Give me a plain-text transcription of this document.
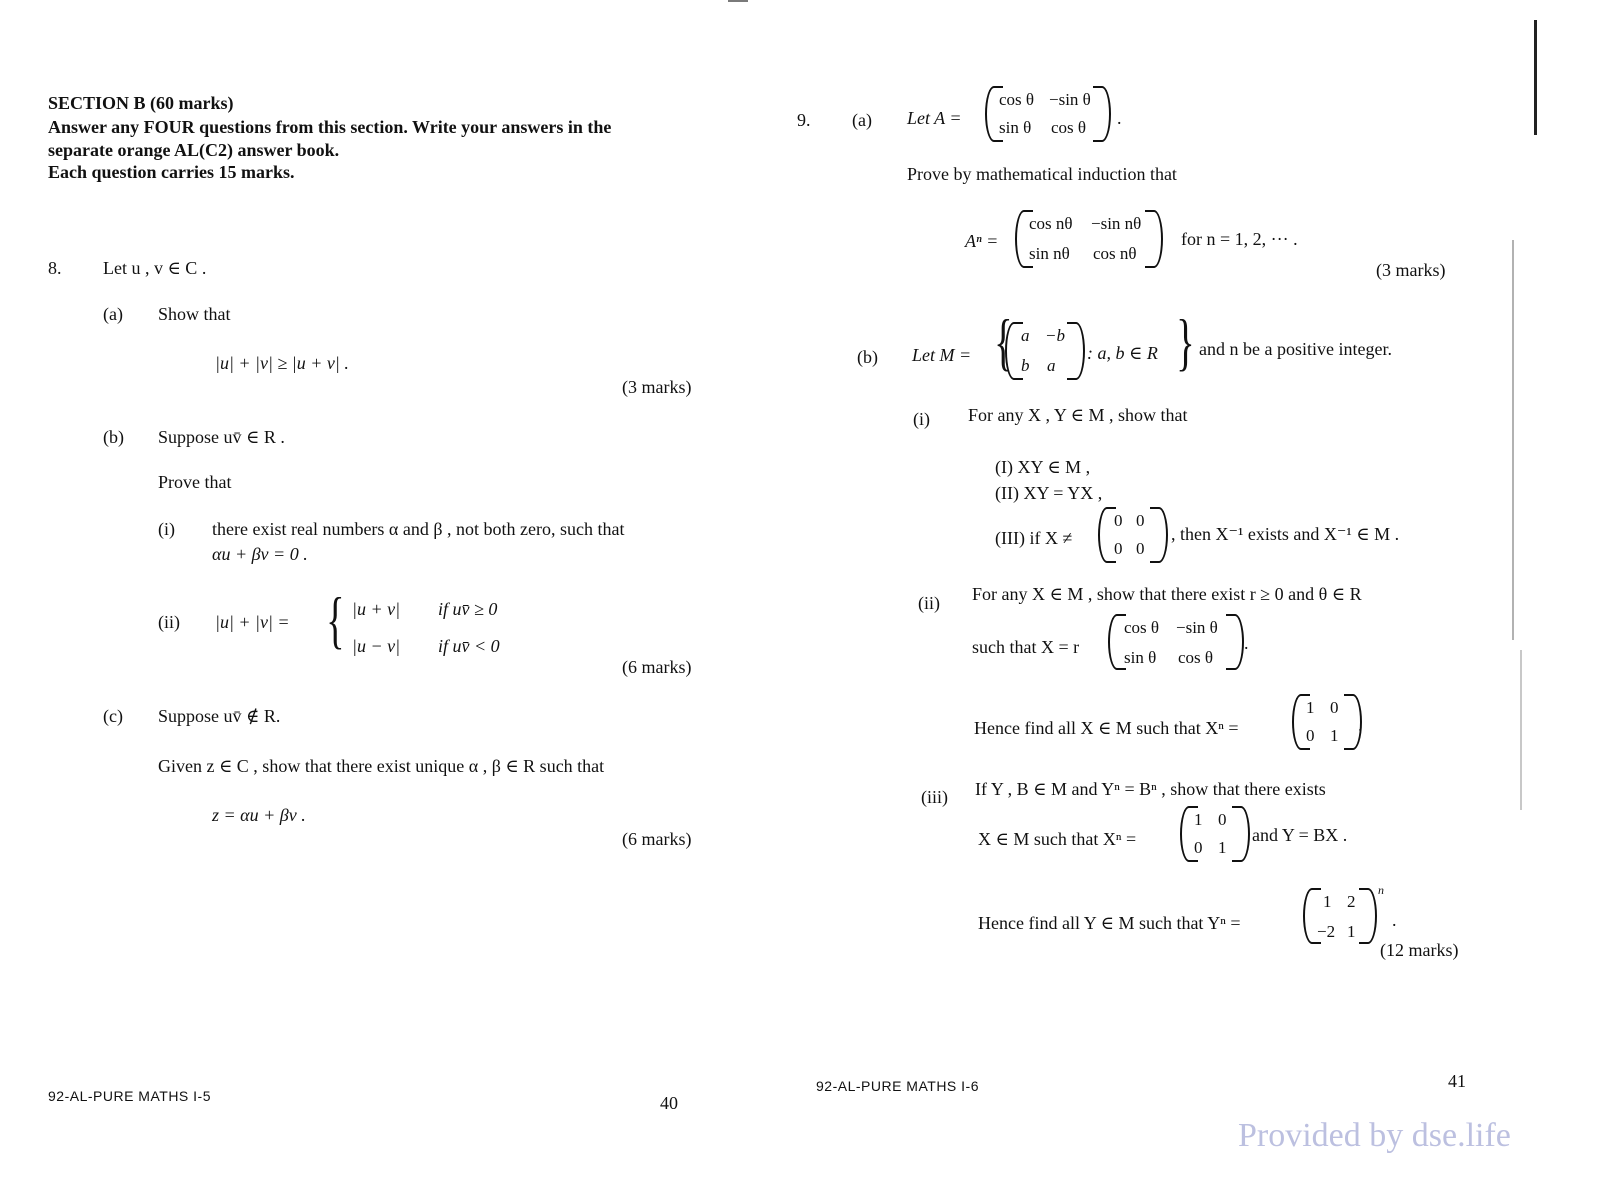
SECTION B (60 marks)
Answer any FOUR questions from this section. Write your answers in the
separate orange AL(C2) answer book.
Each question carries 15 marks.
8. Let u , v ∈ C .
(a) Show that
|u| + |v| ≥ |u + v| .
(3 marks)
(b) Suppose uv̄ ∈ R .
Prove that
(i) there exist real numbers α and β , not both zero, such that
αu + βv = 0 .
(ii) |u| + |v| = { |u + v| if uv̄ ≥ 0
|u − v| if uv̄ < 0
(6 marks)
(c) Suppose uv̄ ∉ R.
Given z ∈ C , show that there exist unique α , β ∈ R such that
z = αu + βv .
(6 marks)
92-AL-PURE MATHS I-5	40
9. (a) Let A =
cos θ −sin θ
sin θ cos θ .
Prove by mathematical induction that
Aⁿ =
cos nθ −sin nθ
sin nθ cos nθ
for n = 1, 2, ··· .
(3 marks)
(b) Let M = { a −b
b a
: a, b ∈ R { and n be a positive integer.
(i) For any X , Y ∈ M , show that
(I) XY ∈ M ,
(II) XY = YX ,
(III) if X ≠
0 0
0 0
, then X⁻¹ exists and X⁻¹ ∈ M .
(ii) For any X ∈ M , show that there exist r ≥ 0 and θ ∈ R
such that X = r
cos θ −sin θ
sin θ cos θ
.
Hence find all X ∈ M such that Xⁿ =
1 0
0 1
.
(iii) If Y , B ∈ M and Yⁿ = Bⁿ , show that there exists
X ∈ M such that Xⁿ =
1 0
0 1
and Y = BX .
Hence find all Y ∈ M such that Yⁿ =
1 2
−2 1
n
.
(12 marks)
92-AL-PURE MATHS I-6	41
Provided by dse.life
